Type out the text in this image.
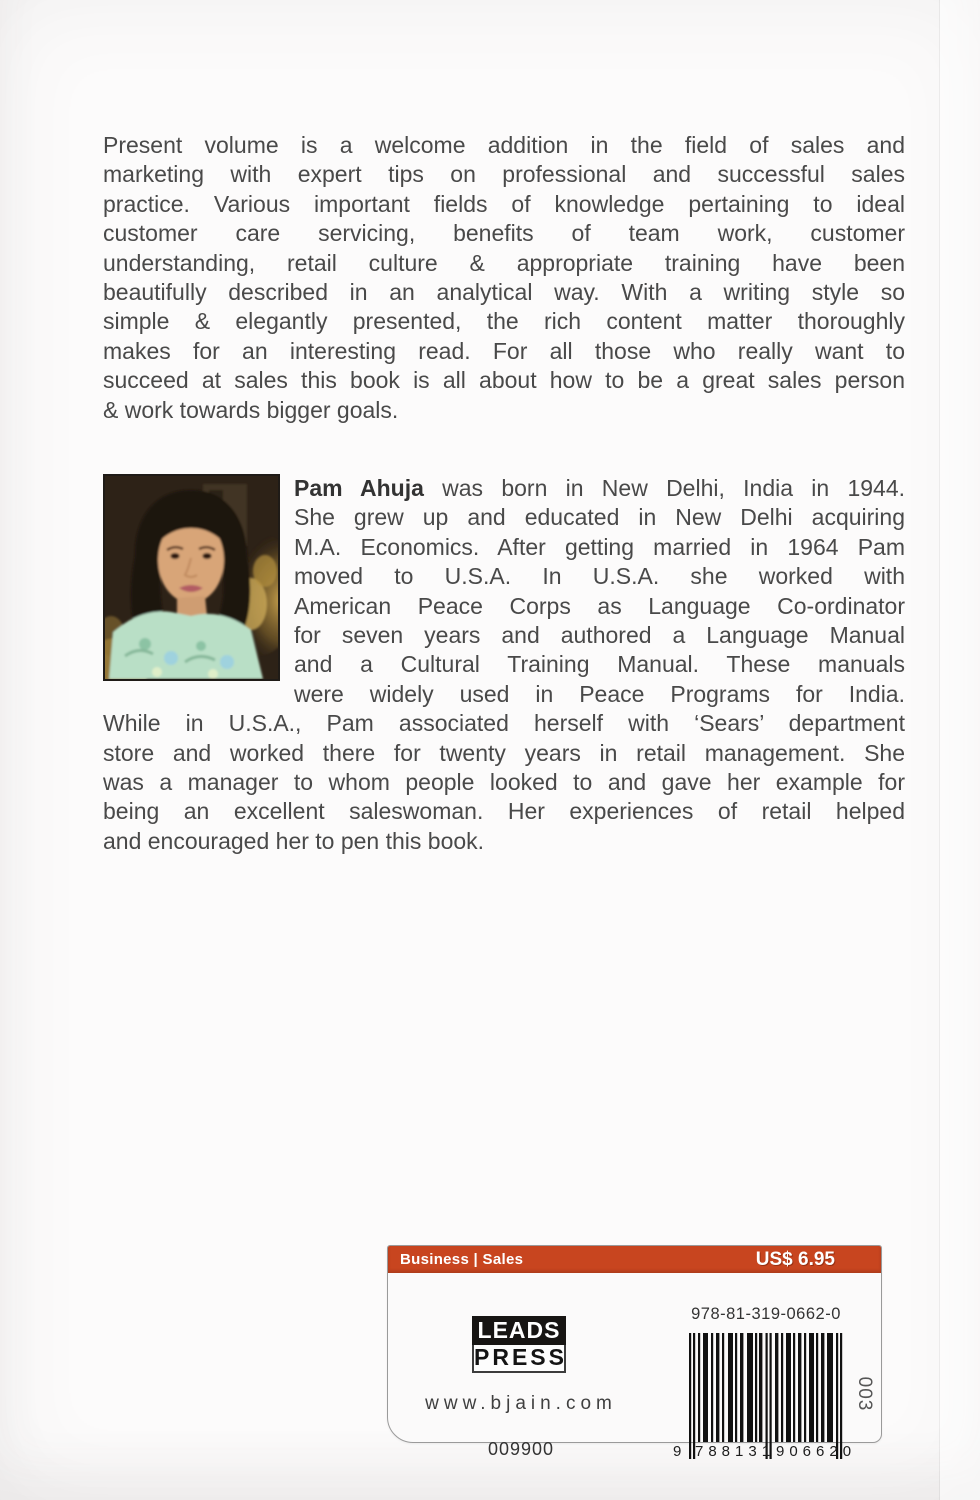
Present volume is a welcome addition in the field of sales and
marketing with expert tips on professional and successful sales
practice. Various important fields of knowledge pertaining to ideal
customer care servicing, benefits of team work, customer
understanding, retail culture & appropriate training have been
beautifully described in an analytical way. With a writing style so
simple & elegantly presented, the rich content matter thoroughly
makes for an interesting read. For all those who really want to
succeed at sales this book is all about how to be a great sales person
& work towards bigger goals.
Pam Ahuja was born in New Delhi, India in 1944.
She grew up and educated in New Delhi acquiring
M.A. Economics. After getting married in 1964 Pam
moved to U.S.A. In U.S.A. she worked with
American Peace Corps as Language Co-ordinator
for seven years and authored a Language Manual
and a Cultural Training Manual. These manuals
were widely used in Peace Programs for India.
While in U.S.A., Pam associated herself with ‘Sears’ department
store and worked there for twenty years in retail management. She
was a manager to whom people looked to and gave her example for
being an excellent saleswoman. Her experiences of retail helped
and encouraged her to pen this book.
Business | Sales	US$ 6.95
LEADS
PRESS
www.bjain.com
009900
978-81-319-0662-0
9 788131 906620
003
